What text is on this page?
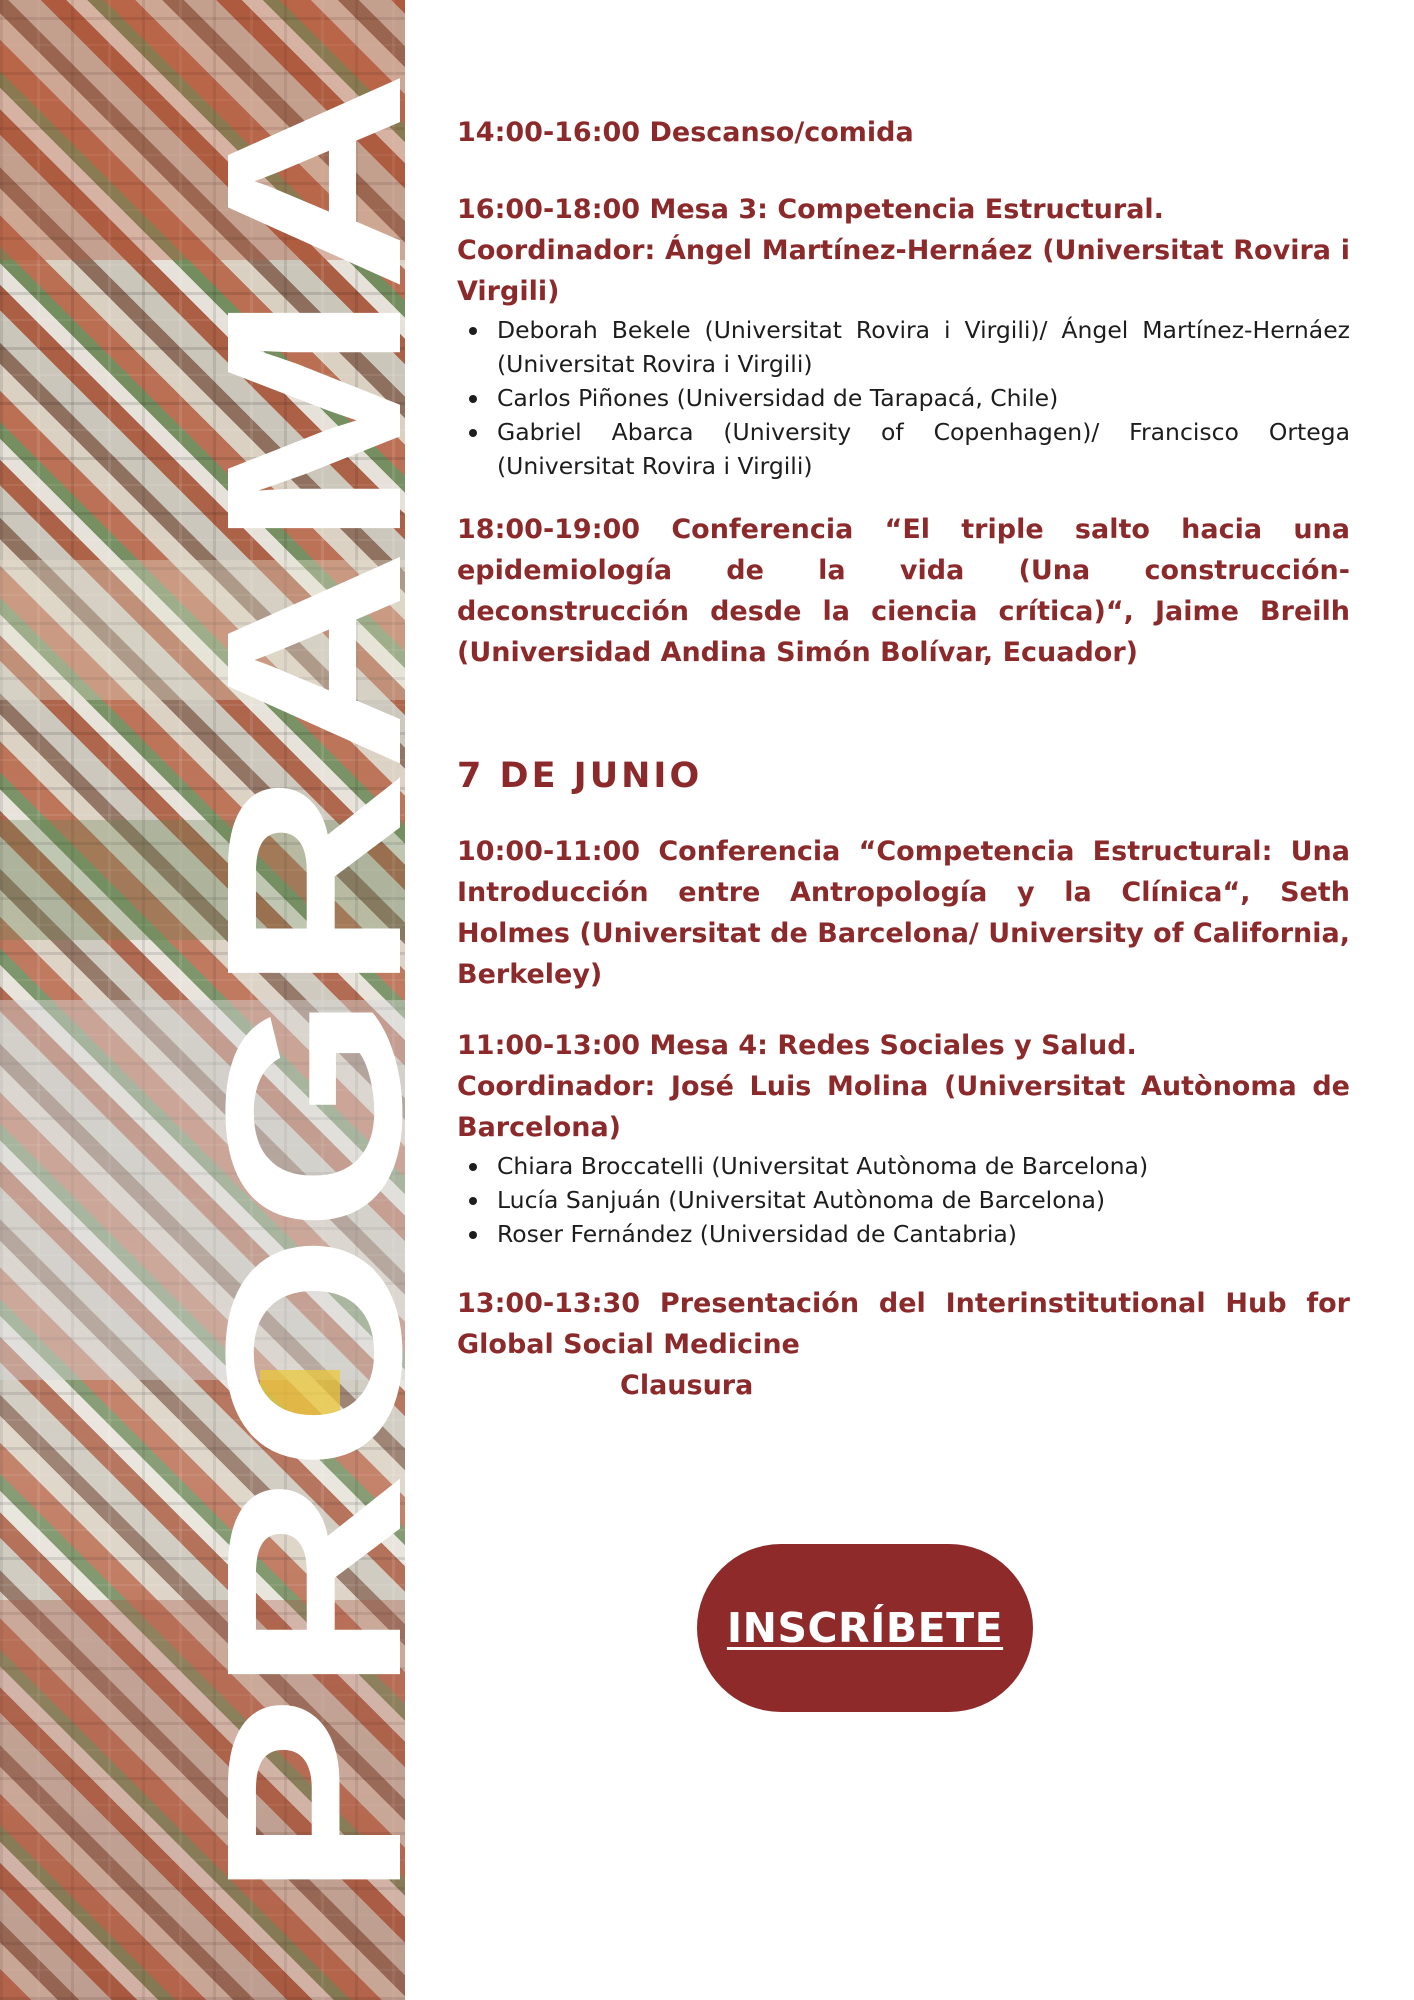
PROGRAMA

14:00-16:00 Descanso/comida

16:00-18:00 Mesa 3: Competencia Estructural.

Coordinador: Ángel Martínez-Hernáez (Universitat Rovira i Virgili)

Deborah Bekele (Universitat Rovira i Virgili)/ Ángel Martínez-Hernáez (Universitat Rovira i Virgili)
Carlos Piñones (Universidad de Tarapacá, Chile)
Gabriel Abarca (University of Copenhagen)/ Francisco Ortega (Universitat Rovira i Virgili)

18:00-19:00 Conferencia “El triple salto hacia una epidemiología de la vida (Una construcción-deconstrucción desde la ciencia crítica)“, Jaime Breilh (Universidad Andina Simón Bolívar, Ecuador)

7 DE JUNIO

10:00-11:00 Conferencia “Competencia Estructural: Una Introducción entre Antropología y la Clínica“, Seth Holmes (Universitat de Barcelona/ University of California, Berkeley)

11:00-13:00 Mesa 4: Redes Sociales y Salud.

Coordinador: José Luis Molina (Universitat Autònoma de Barcelona)

Chiara Broccatelli (Universitat Autònoma de Barcelona)
Lucía Sanjuán (Universitat Autònoma de Barcelona)
Roser Fernández (Universidad de Cantabria)

13:00-13:30 Presentación del Interinstitutional Hub for Global Social Medicine

Clausura

INSCRÍBETE
